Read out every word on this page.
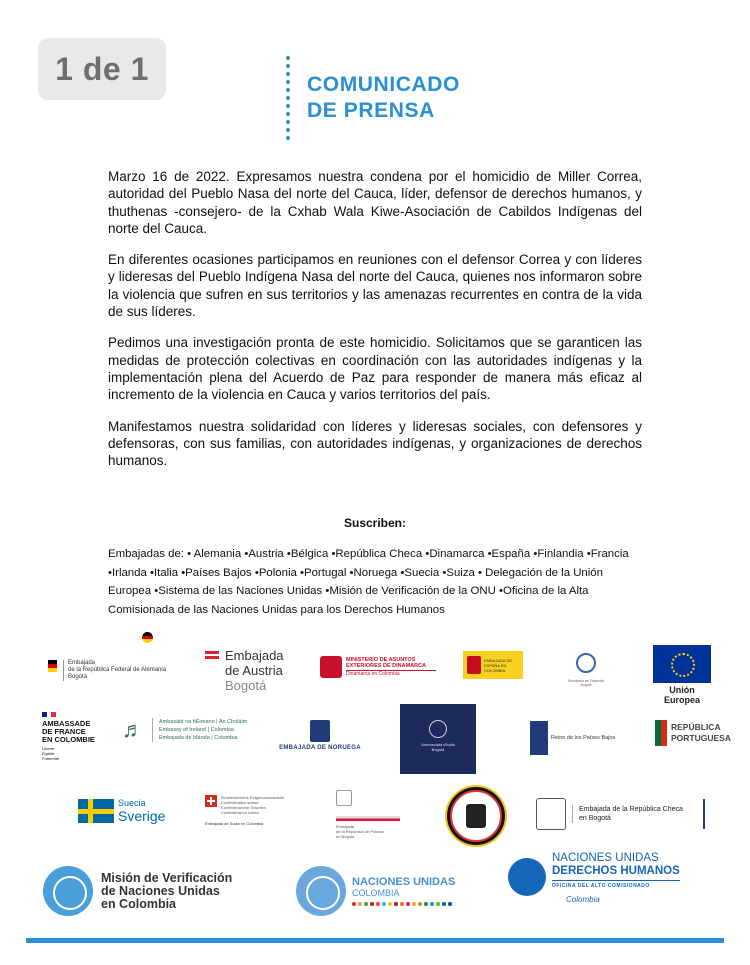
1 de 1	COMUNICADO
DE PRENSA

Marzo 16 de 2022. Expresamos nuestra condena por el homicidio de Miller Correa, autoridad del Pueblo Nasa del norte del Cauca, líder, defensor de derechos humanos, y thuthenas -consejero- de la Cxhab Wala Kiwe-Asociación de Cabildos Indígenas del norte del Cauca.

En diferentes ocasiones participamos en reuniones con el defensor Correa y con líderes y lideresas del Pueblo Indígena Nasa del norte del Cauca, quienes nos informaron sobre la violencia que sufren en sus territorios y las amenazas recurrentes en contra de la vida de sus líderes.

Pedimos una investigación pronta de este homicidio. Solicitamos que se garanticen las medidas de protección colectivas en coordinación con las autoridades indígenas y la implementación plena del Acuerdo de Paz para responder de manera más eficaz al incremento de la violencia en Cauca y varios territorios del país.

Manifestamos nuestra solidaridad con líderes y lideresas sociales, con defensores y defensoras, con sus familias, con autoridades indígenas, y organizaciones de derechos humanos.

Suscriben:
Embajadas de: • Alemania •Austria •Bélgica •República Checa •Dinamarca •España •Finlandia •Francia •Irlanda •Italia •Países Bajos •Polonia •Portugal •Noruega •Suecia •Suiza • Delegación de la Unión Europea •Sistema de las Naciones Unidas •Misión de Verificación de la ONU •Oficina de la Alta Comisionada de las Naciones Unidas para los Derechos Humanos
Embajada
de la República Federal de Alemania
Bogotá
Embajada
de Austria
Bogotá
MINISTERIO DE ASUNTOS EXTERIORES DE DINAMARCA
Dinamarca en Colombia
EMBAJADA DE ESPAÑA EN COLOMBIA
Embajada de Finlandia Bogotá	Unión Europea
AMBASSADE
DE FRANCE
EN COLOMBIE
Liberté
Égalité
Fraternité
♬	Ambasáid na hÉireann | An Choláim
Embassy of Ireland | Colombia
Embajada de Irlanda | Colombia
EMBAJADA DE NORUEGA
Ambasciata d'Italia
Bogotà
Reino de los Países Bajos
REPÚBLICA
PORTUGUESA
Suecia
Sverige
Schweizerische Eidgenossenschaft
Confédération suisse
Confederazione Svizzera
Confederaziun svizra
Embajada de Suiza en Colombia
Embajada
de la República de Polonia
en Bogotá
Embajada de la República Checa
en Bogotá
Misión de Verificación
de Naciones Unidas
en Colombia
NACIONES UNIDAS
COLOMBIA
NACIONES UNIDAS
DERECHOS HUMANOS
OFICINA DEL ALTO COMISIONADO
Colombia
